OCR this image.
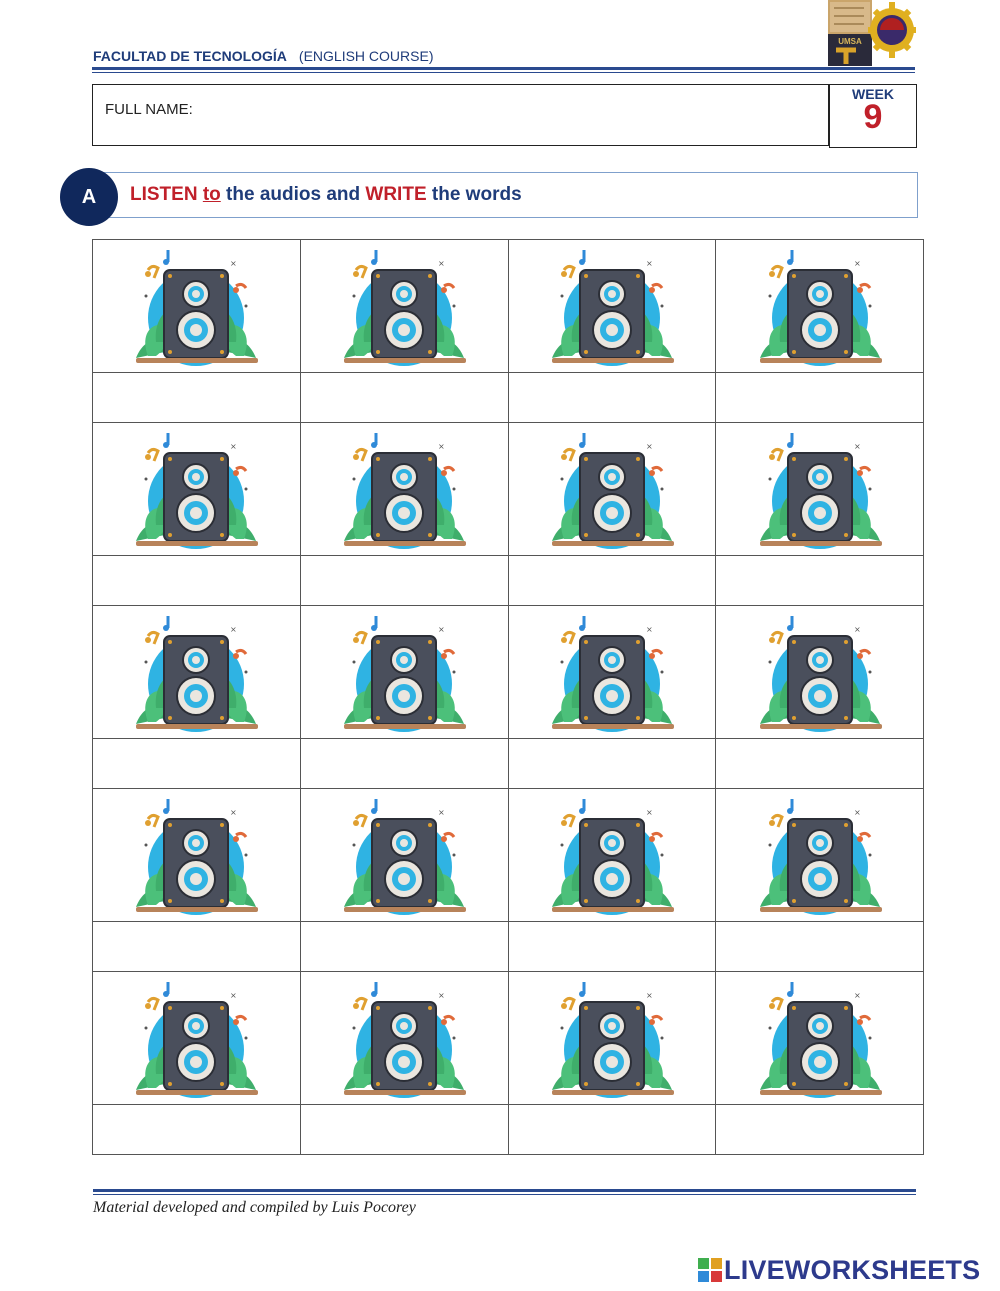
FACULTAD DE TECNOLOGÍA (ENGLISH COURSE)
UMSA
FULL NAME:
WEEK
9
A	LISTEN to the audios and WRITE the words

Material developed and compiled by Luis Pocorey
LIVEWORKSHEETS
